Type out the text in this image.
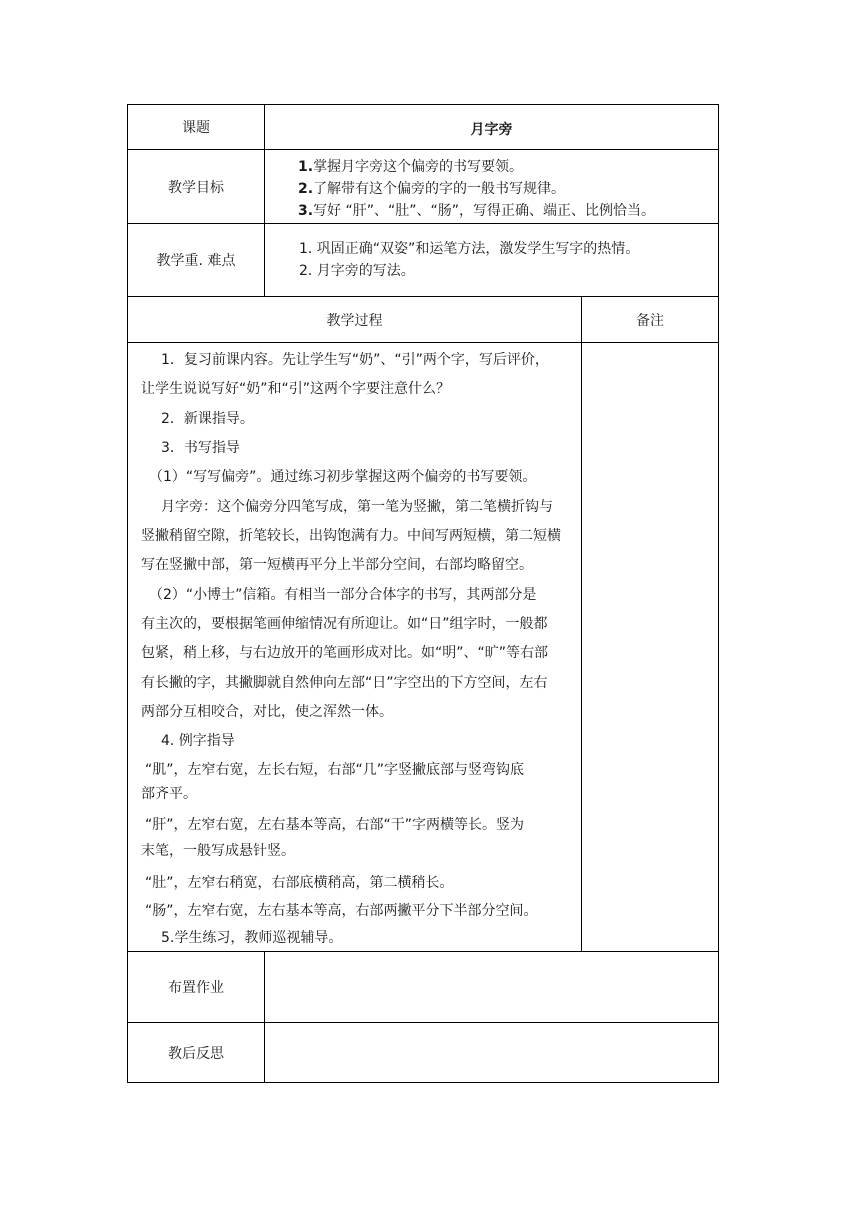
课题	月字旁
教学目标
1.掌握月字旁这个偏旁的书写要领。
2.了解带有这个偏旁的字的一般书写规律。
3.写好 “肝”、“肚”、“肠”，写得正确、端正、比例恰当。
教学重. 难点
1. 巩固正确“双姿”和运笔方法，激发学生写字的热情。
2. 月字旁的写法。
教学过程	备注
1．复习前课内容。先让学生写“奶”、“引”两个字，写后评价，
让学生说说写好“奶”和“引”这两个字要注意什么？
2．新课指导。
3．书写指导
（1）“写写偏旁”。通过练习初步掌握这两个偏旁的书写要领。
月字旁：这个偏旁分四笔写成，第一笔为竖撇，第二笔横折钩与
竖撇稍留空隙，折笔较长，出钩饱满有力。中间写两短横，第二短横
写在竖撇中部，第一短横再平分上半部分空间，右部均略留空。
（2）“小博士”信箱。有相当一部分合体字的书写，其两部分是
有主次的，要根据笔画伸缩情况有所迎让。如“日”组字时，一般都
包紧，稍上移，与右边放开的笔画形成对比。如“明”、“旷”等右部
有长撇的字，其撇脚就自然伸向左部“日”字空出的下方空间，左右
两部分互相咬合，对比，使之浑然一体。
4. 例字指导
“肌”，左窄右宽，左长右短，右部“几”字竖撇底部与竖弯钩底
部齐平。
“肝”，左窄右宽，左右基本等高，右部“干”字两横等长。竖为
末笔，一般写成悬针竖。
“肚”，左窄右稍宽，右部底横稍高，第二横稍长。
“肠”，左窄右宽，左右基本等高，右部两撇平分下半部分空间。
5.学生练习，教师巡视辅导。
布置作业
教后反思
